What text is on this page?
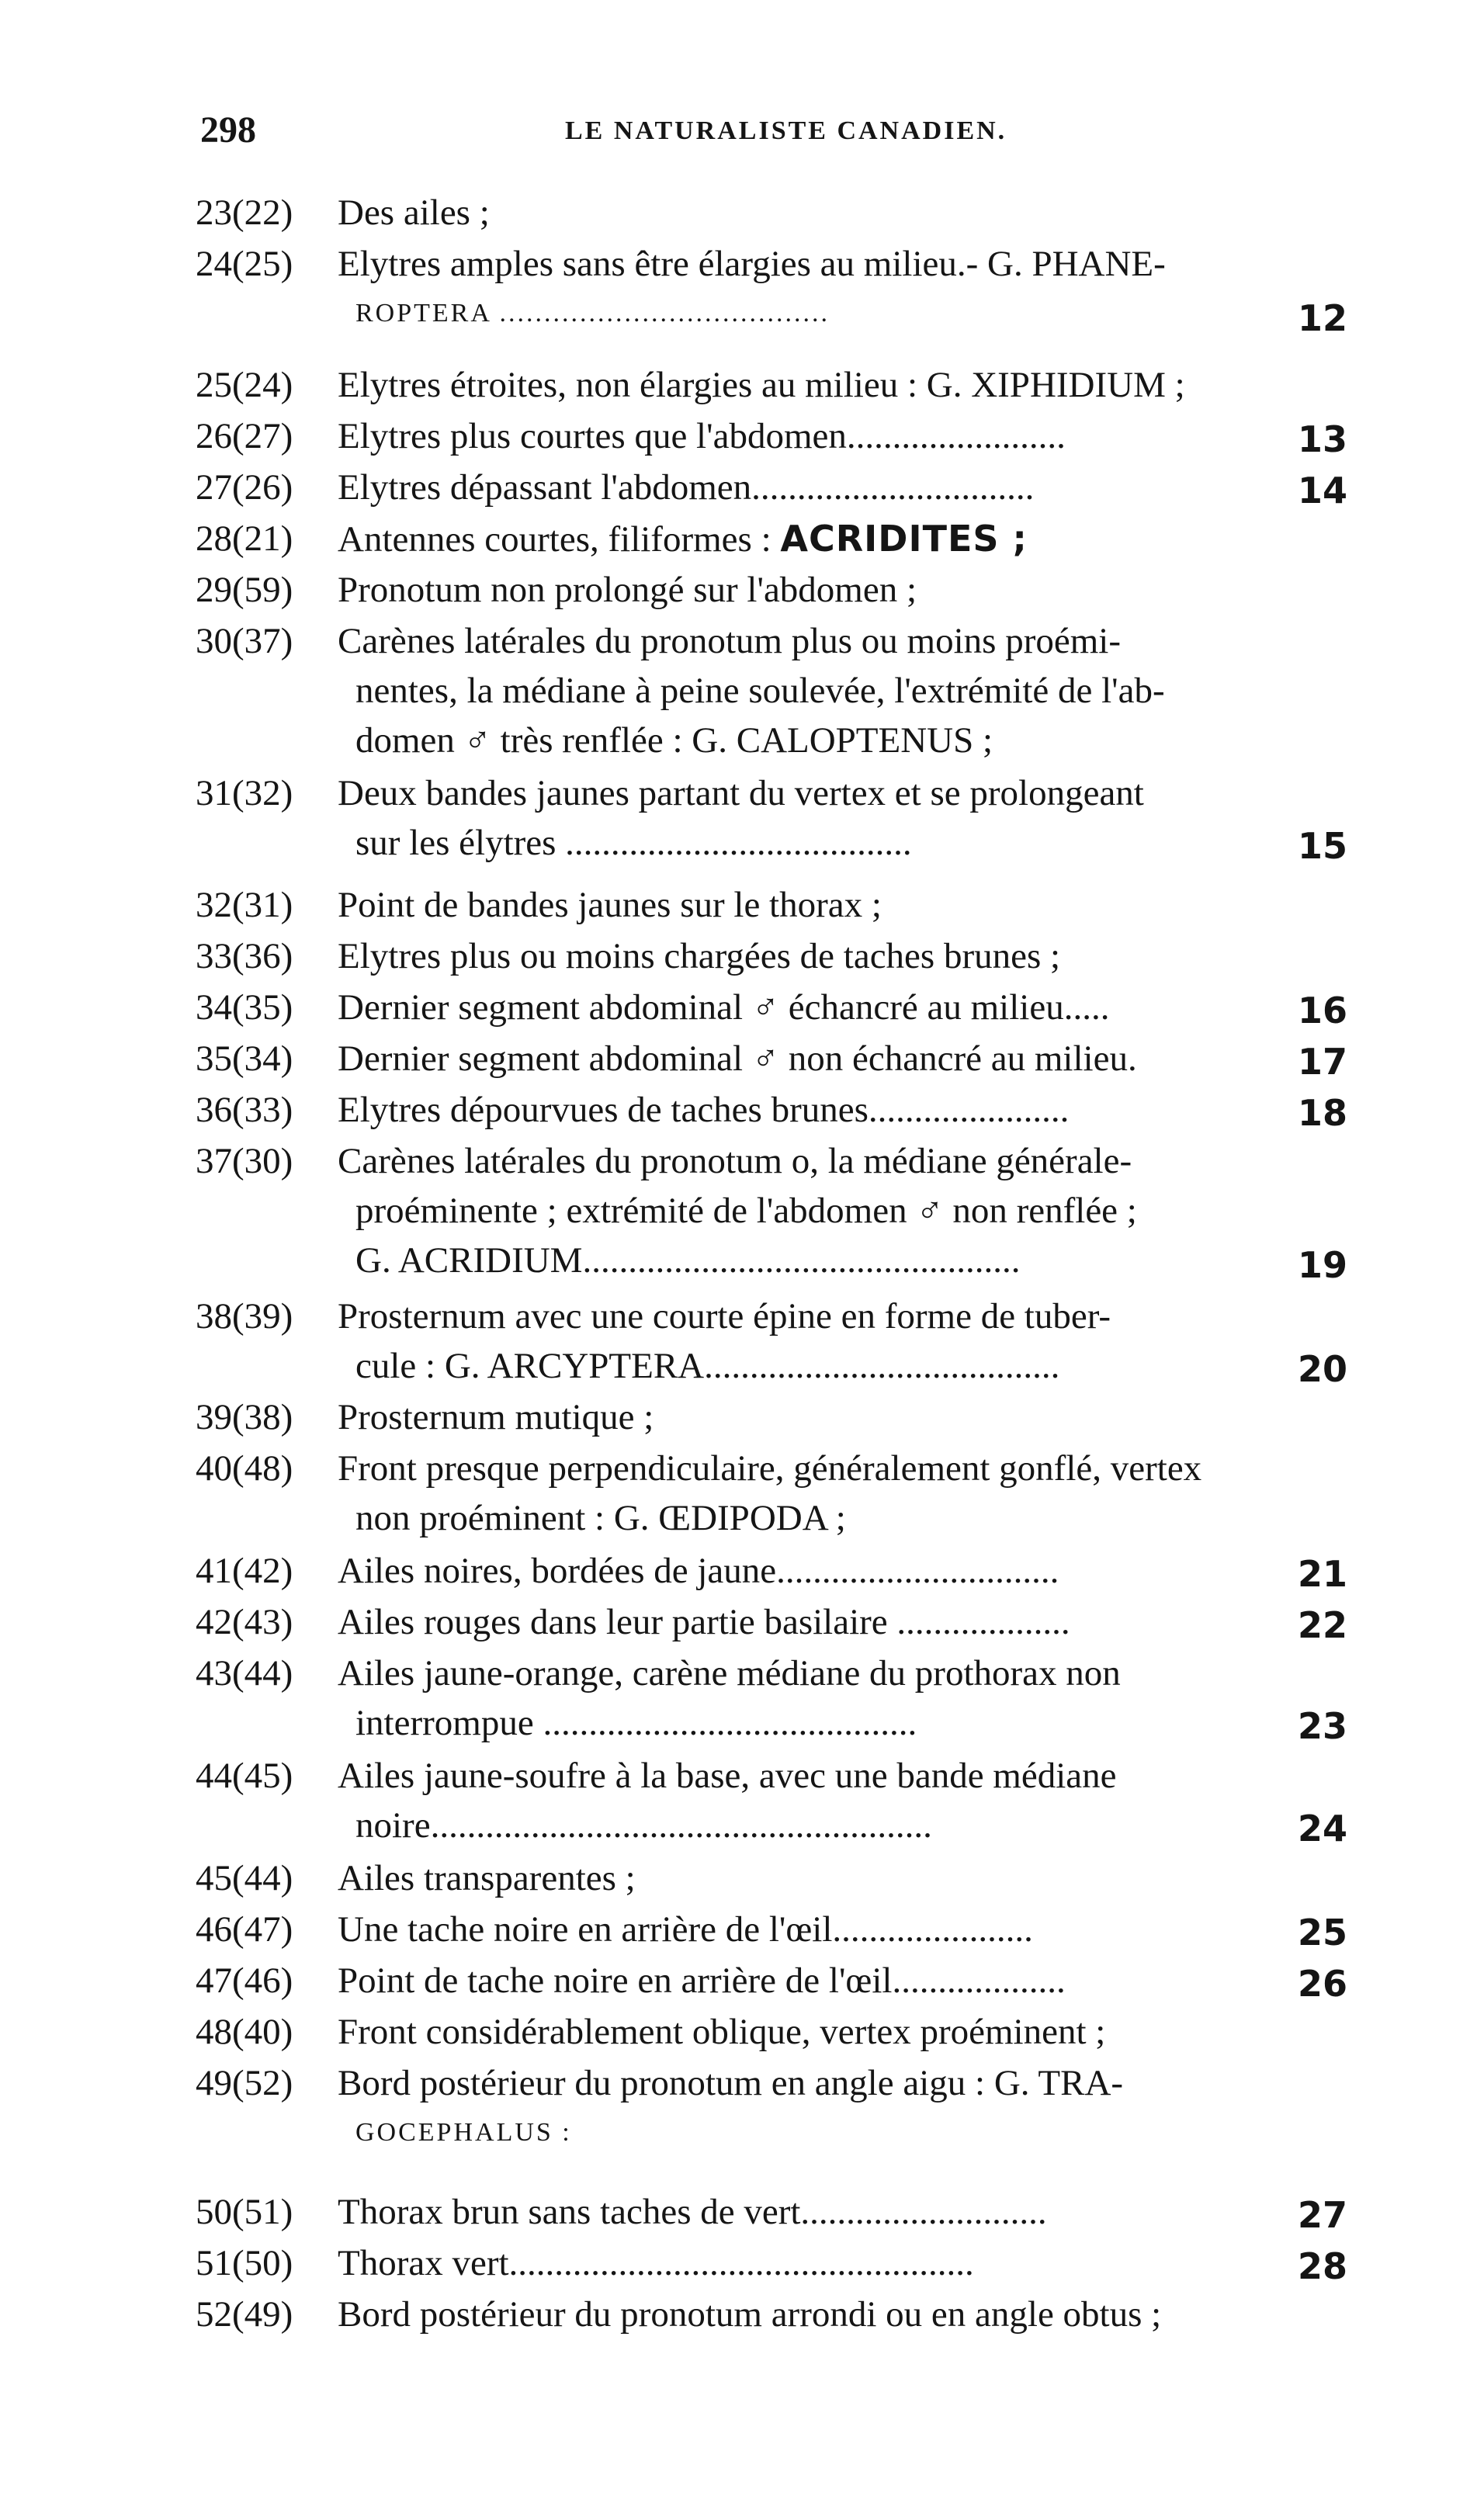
298	LE NATURALISTE CANADIEN.
23(22) Des ailes ;
24(25) Elytres amples sans être élargies au milieu.- G. PHANE-
ROPTERA .....................................	12
25(24) Elytres étroites, non élargies au milieu : G. XIPHIDIUM ;
26(27) Elytres plus courtes que l'abdomen........................	13
27(26) Elytres dépassant l'abdomen...............................	14
28(21) Antennes courtes, filiformes : ACRIDITES ;
29(59) Pronotum non prolongé sur l'abdomen ;
30(37) Carènes latérales du pronotum plus ou moins proémi-
nentes, la médiane à peine soulevée, l'extrémité de l'ab-
domen ♂ très renflée : G. CALOPTENUS ;
31(32) Deux bandes jaunes partant du vertex et se prolongeant
sur les élytres ......................................	15
32(31) Point de bandes jaunes sur le thorax ;
33(36) Elytres plus ou moins chargées de taches brunes ;
34(35) Dernier segment abdominal ♂ échancré au milieu.....	16
35(34) Dernier segment abdominal ♂ non échancré au milieu.	17
36(33) Elytres dépourvues de taches brunes......................	18
37(30) Carènes latérales du pronotum o, la médiane générale-
proéminente ; extrémité de l'abdomen ♂ non renflée ;
G. ACRIDIUM................................................	19
38(39) Prosternum avec une courte épine en forme de tuber-
cule : G. ARCYPTERA.......................................	20
39(38) Prosternum mutique ;
40(48) Front presque perpendiculaire, généralement gonflé, vertex
non proéminent : G. ŒDIPODA ;
41(42) Ailes noires, bordées de jaune...............................	21
42(43) Ailes rouges dans leur partie basilaire ...................	22
43(44) Ailes jaune-orange, carène médiane du prothorax non
interrompue .........................................	23
44(45) Ailes jaune-soufre à la base, avec une bande médiane
noire.......................................................	24
45(44) Ailes transparentes ;
46(47) Une tache noire en arrière de l'œil......................	25
47(46) Point de tache noire en arrière de l'œil...................	26
48(40) Front considérablement oblique, vertex proéminent ;
49(52) Bord postérieur du pronotum en angle aigu : G. TRA-
GOCEPHALUS :
50(51) Thorax brun sans taches de vert...........................	27
51(50) Thorax vert...................................................	28
52(49) Bord postérieur du pronotum arrondi ou en angle obtus ;
